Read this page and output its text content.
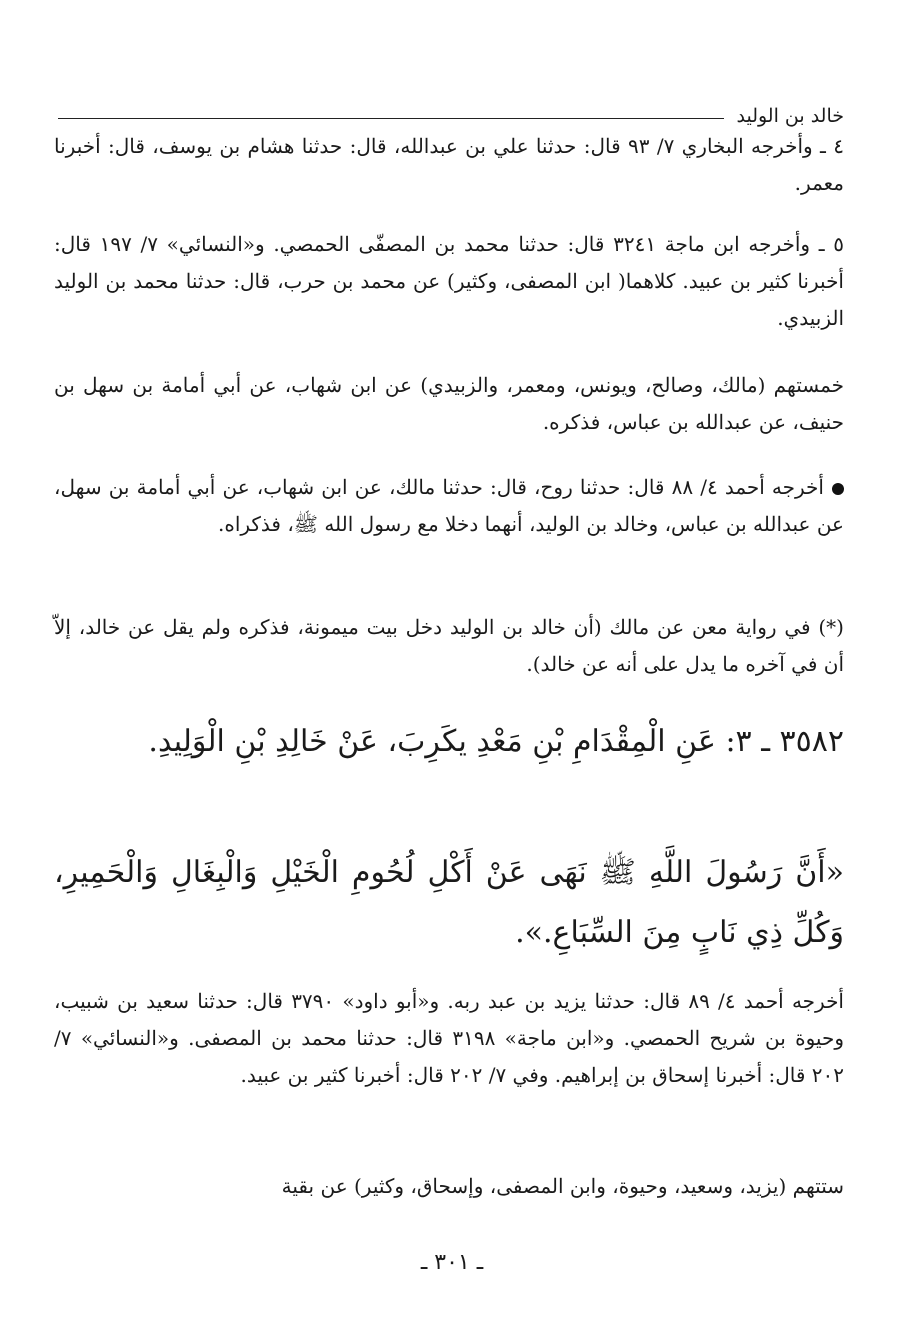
خالد بن الوليد

٤ ـ وأخرجه البخاري ٧/ ٩٣ قال: حدثنا علي بن عبدالله، قال: حدثنا هشام بن يوسف، قال: أخبرنا معمر.

٥ ـ وأخرجه ابن ماجة ٣٢٤١ قال: حدثنا محمد بن المصفّى الحمصي. و«النسائي» ٧/ ١٩٧ قال: أخبرنا كثير بن عبيد. كلاهما( ابن المصفى، وكثير) عن محمد بن حرب، قال: حدثنا محمد بن الوليد الزبيدي.

خمستهم (مالك، وصالح، ويونس، ومعمر، والزبيدي) عن ابن شهاب، عن أبي أمامة بن سهل بن حنيف، عن عبدالله بن عباس، فذكره.

أخرجه أحمد ٤/ ٨٨ قال: حدثنا روح، قال: حدثنا مالك، عن ابن شهاب، عن أبي أمامة بن سهل، عن عبدالله بن عباس، وخالد بن الوليد، أنهما دخلا مع رسول الله ﷺ، فذكراه.

(*) في رواية معن عن مالك (أن خالد بن الوليد دخل بيت ميمونة، فذكره ولم يقل عن خالد، إلاّ أن في آخره ما يدل على أنه عن خالد).

٣٥٨٢ ـ ٣: عَنِ الْمِقْدَامِ بْنِ مَعْدِ يكَرِبَ، عَنْ خَالِدِ بْنِ الْوَلِيدِ.

«أَنَّ رَسُولَ اللَّهِ ﷺ نَهَى عَنْ أَكْلِ لُحُومِ الْخَيْلِ وَالْبِغَالِ وَالْحَمِيرِ، وَكُلِّ ذِي نَابٍ مِنَ السِّبَاعِ.».

أخرجه أحمد ٤/ ٨٩ قال: حدثنا يزيد بن عبد ربه. و«أبو داود» ٣٧٩٠ قال: حدثنا سعيد بن شبيب، وحيوة بن شريح الحمصي. و«ابن ماجة» ٣١٩٨ قال: حدثنا محمد بن المصفى. و«النسائي» ٧/ ٢٠٢ قال: أخبرنا إسحاق بن إبراهيم. وفي ٧/ ٢٠٢ قال: أخبرنا كثير بن عبيد.

ستتهم (يزيد، وسعيد، وحيوة، وابن المصفى، وإسحاق، وكثير) عن بقية

ـ ٣٠١ ـ
